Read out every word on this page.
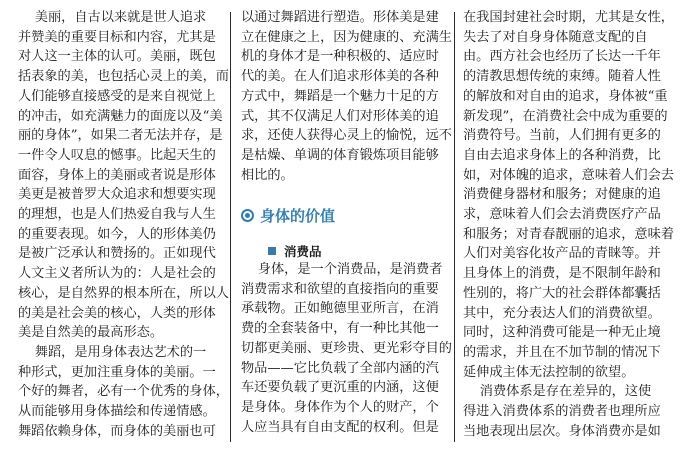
美丽，自古以来就是世人追求

并赞美的重要目标和内容，尤其是

对人这一主体的认可。美丽，既包

括表象的美，也包括心灵上的美，而

人们能够直接感受的是来自视觉上

的冲击，如充满魅力的面庞以及“美

丽的身体”，如果二者无法并存，是

一件令人叹息的憾事。比起天生的

面容，身体上的美丽或者说是形体

美更是被普罗大众追求和想要实现

的理想，也是人们热爱自我与人生

的重要表现。如今，人的形体美仍

是被广泛承认和赞扬的。正如现代

人文主义者所认为的：人是社会的

核心，是自然界的根本所在，所以人

的美是社会美的核心，人类的形体

美是自然美的最高形态。

舞蹈，是用身体表达艺术的一

种形式，更加注重身体的美丽。一

个好的舞者，必有一个优秀的身体，

从而能够用身体描绘和传递情感。

舞蹈依赖身体，而身体的美丽也可

以通过舞蹈进行塑造。形体美是建

立在健康之上，因为健康的、充满生

机的身体才是一种积极的、适应时

代的美。在人们追求形体美的各种

方式中，舞蹈是一个魅力十足的方

式，其不仅满足人们对形体美的追

求，还使人获得心灵上的愉悦，远不

是枯燥、单调的体育锻炼项目能够

相比的。

身体的价值
消费品

身体，是一个消费品，是消费者

消费需求和欲望的直接指向的重要

承载物。正如鲍德里亚所言，在消

费的全套装备中，有一种比其他一

切都更美丽、更珍贵、更光彩夺目的

物品——它比负载了全部内涵的汽

车还要负载了更沉重的内涵，这便

是身体。身体作为个人的财产，个

人应当具有自由支配的权利。但是

在我国封建社会时期，尤其是女性，

失去了对自身身体随意支配的自

由。西方社会也经历了长达一千年

的清教思想传统的束缚。随着人性

的解放和对自由的追求，身体被“重

新发现”，在消费社会中成为重要的

消费符号。当前，人们拥有更多的

自由去追求身体上的各种消费，比

如，对体魄的追求，意味着人们会去

消费健身器材和服务；对健康的追

求，意味着人们会去消费医疗产品

和服务；对青春靓丽的追求，意味着

人们对美容化妆产品的青睐等。并

且身体上的消费，是不限制年龄和

性别的，将广大的社会群体都囊括

其中，充分表达人们的消费欲望。

同时，这种消费可能是一种无止境

的需求，并且在不加节制的情况下

延伸成主体无法控制的欲望。

消费体系是存在差异的，这使

得进入消费体系的消费者也理所应

当地表现出层次。身体消费亦是如
